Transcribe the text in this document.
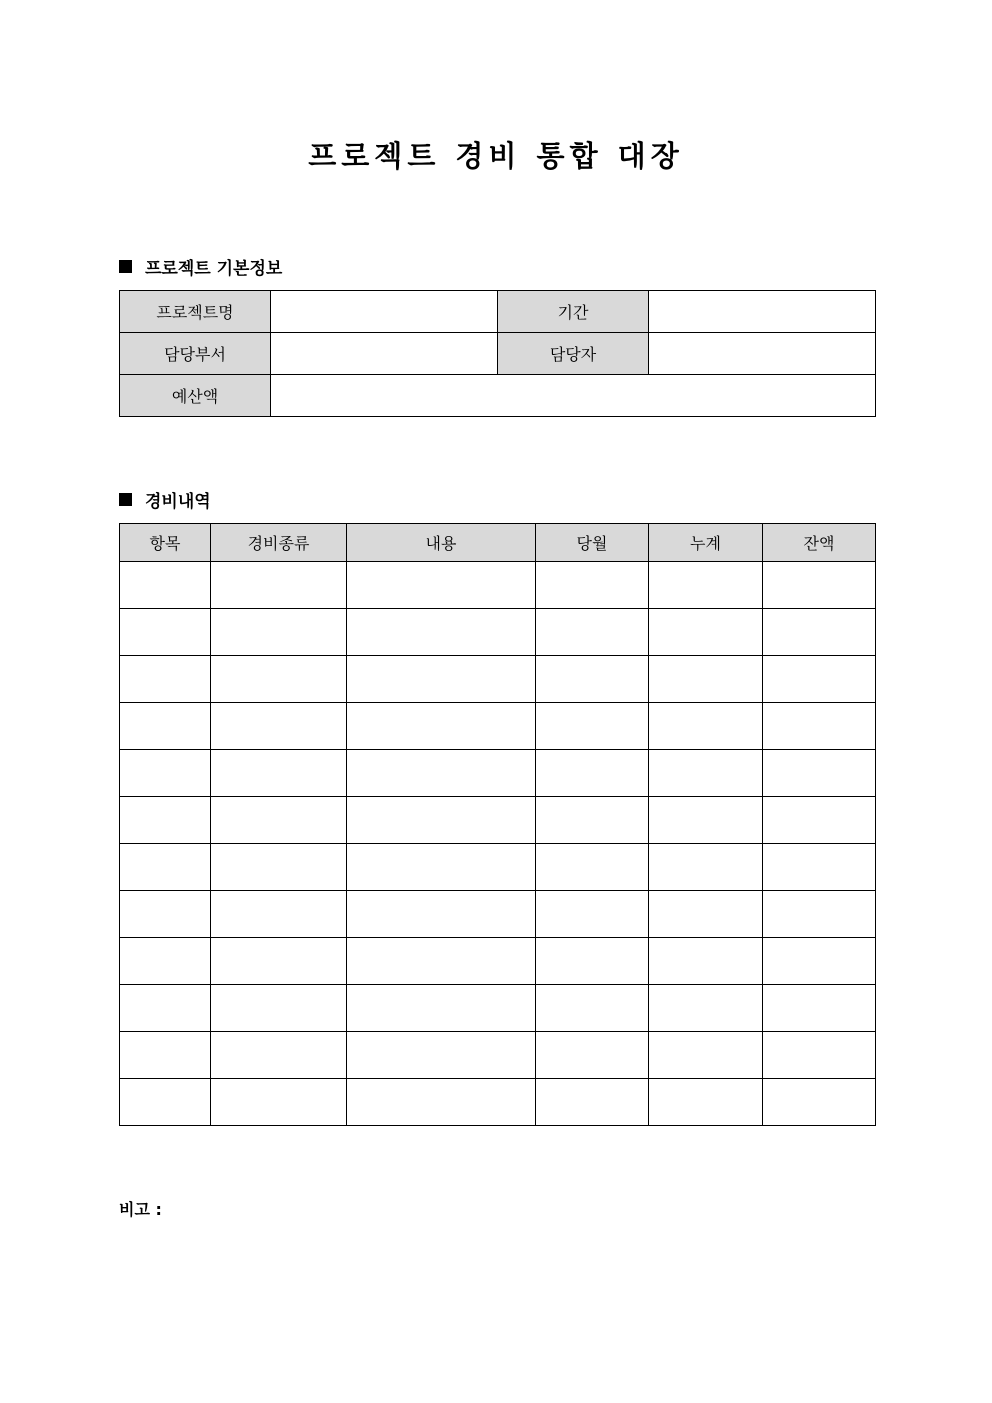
프로젝트 경비 통합 대장
프로젝트 기본정보
프로젝트명		기간	
담당부서		담당자	
예산액			
경비내역
항목	경비종류	내용	당월	누계	잔액

비고 :
